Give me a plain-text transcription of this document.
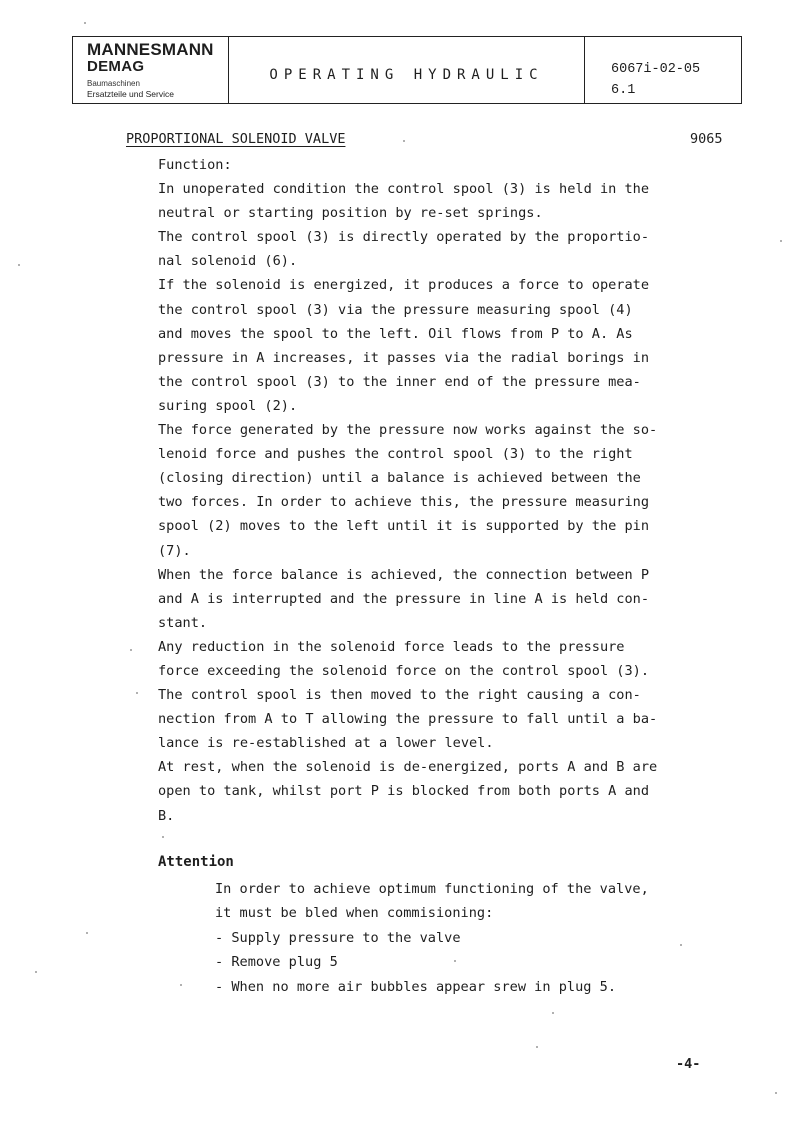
MANNESMANN
DEMAG
Baumaschinen
Ersatzteile und Service
OPERATING HYDRAULIC	6067i-02-05
6.1
PROPORTIONAL SOLENOID VALVE	9065

Function:

In unoperated condition the control spool (3) is held in the

neutral or starting position by re-set springs.

The control spool (3) is directly operated by the proportio-

nal solenoid (6).

If the solenoid is energized, it produces a force to operate

the control spool (3) via the pressure measuring spool (4)

and moves the spool to the left. Oil flows from P to A. As

pressure in A increases, it passes via the radial borings in

the control spool (3) to the inner end of the pressure mea-

suring spool (2).

The force generated by the pressure now works against the so-

lenoid force and pushes the control spool (3) to the right

(closing direction) until a balance is achieved between the

two forces. In order to achieve this, the pressure measuring

spool (2) moves to the left until it is supported by the pin

(7).

When the force balance is achieved, the connection between P

and A is interrupted and the pressure in line A is held con-

stant.

Any reduction in the solenoid force leads to the pressure

force exceeding the solenoid force on the control spool (3).

The control spool is then moved to the right causing a con-

nection from A to T allowing the pressure to fall until a ba-

lance is re-established at a lower level.

At rest, when the solenoid is de-energized, ports A and B are

open to tank, whilst port P is blocked from both ports A and

B.

Attention

In order to achieve optimum functioning of the valve,

it must be bled when commisioning:

- Supply pressure to the valve

- Remove plug 5

- When no more air bubbles appear srew in plug 5.

-4-
